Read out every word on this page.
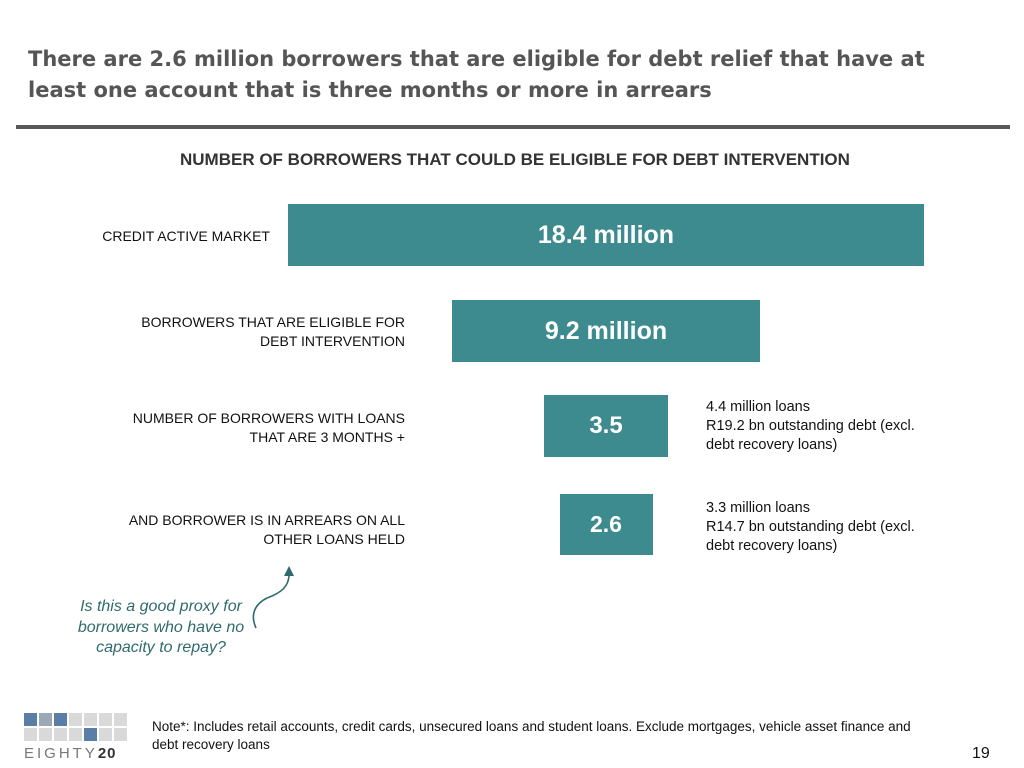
There are 2.6 million borrowers that are eligible for debt relief that have at least one account that is three months or more in arrears
NUMBER OF BORROWERS THAT COULD BE ELIGIBLE FOR DEBT INTERVENTION
CREDIT ACTIVE MARKET
BORROWERS THAT ARE ELIGIBLE FOR DEBT INTERVENTION
NUMBER OF BORROWERS WITH LOANS THAT ARE 3 MONTHS +
AND BORROWER IS IN ARREARS ON ALL OTHER LOANS HELD
18.4 million
9.2 million
3.5
2.6
4.4 million loans
R19.2 bn outstanding debt (excl.
debt recovery loans)
3.3 million loans
R14.7 bn outstanding debt (excl.
debt recovery loans)
Is this a good proxy for borrowers who have no capacity to repay?
EIGHTY20
Note*: Includes retail accounts, credit cards, unsecured loans and student loans. Exclude mortgages, vehicle asset finance and debt recovery loans
19
